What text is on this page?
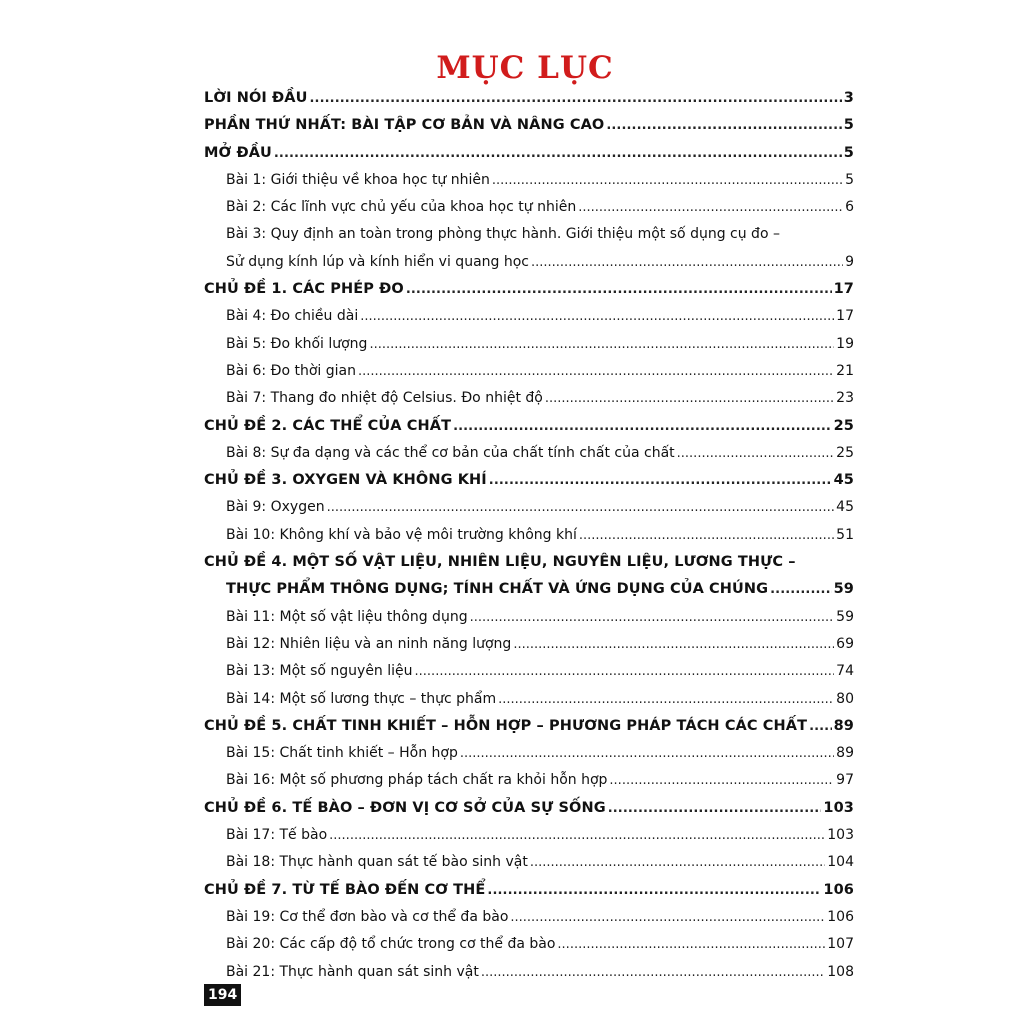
MỤC LỤC
LỜI NÓI ĐẦU .....	3
PHẦN THỨ NHẤT: BÀI TẬP CƠ BẢN VÀ NÂNG CAO .....	5
MỞ ĐẦU .....	5
Bài 1: Giới thiệu về khoa học tự nhiên .....	5
Bài 2: Các lĩnh vực chủ yếu của khoa học tự nhiên .....	6
Bài 3: Quy định an toàn trong phòng thực hành. Giới thiệu một số dụng cụ đo –
Sử dụng kính lúp và kính hiển vi quang học .....	9
CHỦ ĐỀ 1. CÁC PHÉP ĐO .....	17
Bài 4: Đo chiều dài .....	17
Bài 5: Đo khối lượng .....	19
Bài 6: Đo thời gian .....	21
Bài 7: Thang đo nhiệt độ Celsius. Đo nhiệt độ .....	23
CHỦ ĐỀ 2. CÁC THỂ CỦA CHẤT .....	25
Bài 8: Sự đa dạng và các thể cơ bản của chất tính chất của chất .....	25
CHỦ ĐỀ 3. OXYGEN VÀ KHÔNG KHÍ .....	45
Bài 9: Oxygen .....	45
Bài 10: Không khí và bảo vệ môi trường không khí .....	51
CHỦ ĐỀ 4. MỘT SỐ VẬT LIỆU, NHIÊN LIỆU, NGUYÊN LIỆU, LƯƠNG THỰC –
THỰC PHẨM THÔNG DỤNG; TÍNH CHẤT VÀ ỨNG DỤNG CỦA CHÚNG .....	59
Bài 11: Một số vật liệu thông dụng .....	59
Bài 12: Nhiên liệu và an ninh năng lượng .....	69
Bài 13: Một số nguyên liệu .....	74
Bài 14: Một số lương thực – thực phẩm .....	80
CHỦ ĐỀ 5. CHẤT TINH KHIẾT – HỖN HỢP – PHƯƠNG PHÁP TÁCH CÁC CHẤT ..... 89
Bài 15: Chất tinh khiết – Hỗn hợp .....	89
Bài 16: Một số phương pháp tách chất ra khỏi hỗn hợp .....	97
CHỦ ĐỀ 6. TẾ BÀO – ĐƠN VỊ CƠ SỞ CỦA SỰ SỐNG .....	103
Bài 17: Tế bào .....	103
Bài 18: Thực hành quan sát tế bào sinh vật .....	104
CHỦ ĐỀ 7. TỪ TẾ BÀO ĐẾN CƠ THỂ .....	106
Bài 19: Cơ thể đơn bào và cơ thể đa bào .....	106
Bài 20: Các cấp độ tổ chức trong cơ thể đa bào .....	107
Bài 21: Thực hành quan sát sinh vật .....	108
194
